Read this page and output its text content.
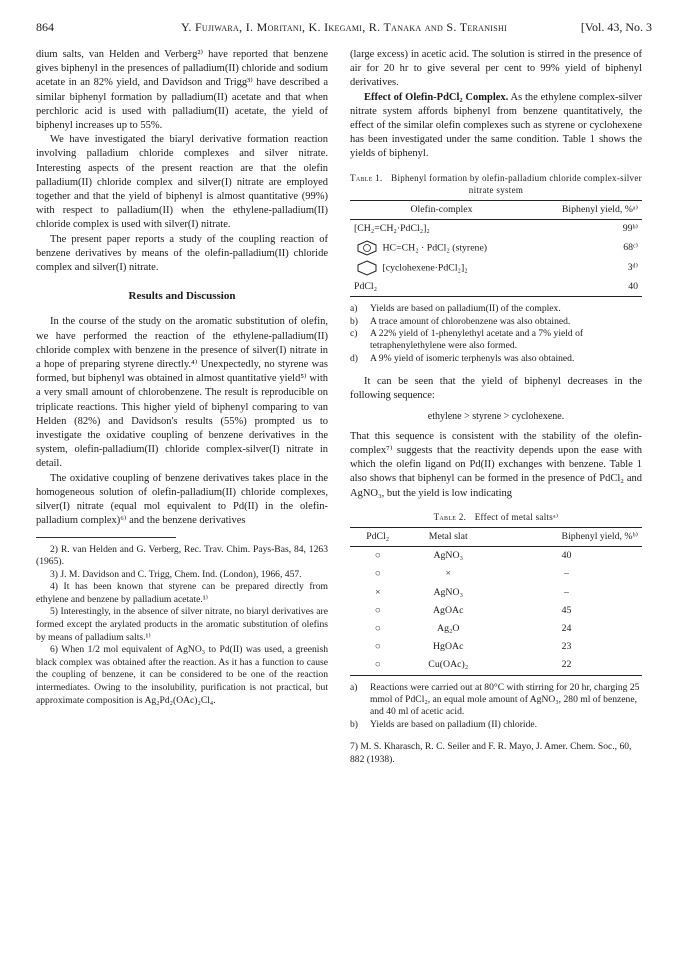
864	Y. Fujiwara, I. Moritani, K. Ikegami, R. Tanaka and S. Teranishi	[Vol. 43, No. 3

dium salts, van Helden and Verberg²⁾ have reported that benzene gives biphenyl in the presences of palladium(II) chloride and sodium acetate in an 82% yield, and Davidson and Trigg³⁾ have described a similar biphenyl formation by palladium(II) acetate and that when perchloric acid is used with palladium(II) acetate, the yield of biphenyl increases up to 55%.

We have investigated the biaryl derivative formation reaction involving palladium chloride complexes and silver nitrate. Interesting aspects of the present reaction are that the olefin palladium(II) chloride complex and silver(I) nitrate are employed together and that the yield of biphenyl is almost quantitative (99%) with respect to palladium(II) when the ethylene-palladium(II) chloride complex is used with silver(I) nitrate.

The present paper reports a study of the coupling reaction of benzene derivatives by means of the olefin-palladium(II) chloride complex and silver(I) nitrate.

Results and Discussion

In the course of the study on the aromatic substitution of olefin, we have performed the reaction of the ethylene-palladium(II) chloride complex with benzene in the presence of silver(I) nitrate in a hope of preparing styrene directly.⁴⁾ Unexpectedly, no styrene was formed, but biphenyl was obtained in almost quantitative yield⁵⁾ with a very small amount of chlorobenzene. The result is reproducible on triplicate reactions. This higher yield of biphenyl comparing to van Helden (82%) and Davidson's results (55%) prompted us to investigate the oxidative coupling of benzene derivatives in the system, olefin-palladium(II) chloride complex-silver(I) nitrate in detail.

The oxidative coupling of benzene derivatives takes place in the homogeneous solution of olefin-palladium(II) chloride complexes, silver(I) nitrate (equal mol equivalent to Pd(II) in the olefin-palladium complex)⁶⁾ and the benzene derivatives

2) R. van Helden and G. Verberg, Rec. Trav. Chim. Pays-Bas, 84, 1263 (1965).

3) J. M. Davidson and C. Trigg, Chem. Ind. (London), 1966, 457.

4) It has been known that styrene can be prepared directly from ethylene and benzene by palladium acetate.¹⁾

5) Interestingly, in the absence of silver nitrate, no biaryl derivatives are formed except the arylated products in the aromatic substitution of olefins by means of palladium salts.¹⁾

6) When 1/2 mol equivalent of AgNO₃ to Pd(II) was used, a greenish black complex was obtained after the reaction. As it has a function to cause the coupling of benzene, it can be considered to be one of the reaction intermediates. Owing to the insolubility, purification is not practical, but approximate composition is Ag₂Pd₂(OAc)₂Cl₄.

(large excess) in acetic acid. The solution is stirred in the presence of air for 20 hr to give several per cent to 99% yield of biphenyl derivatives.

Effect of Olefin-PdCl₂ Complex. As the ethylene complex-silver nitrate system affords biphenyl from benzene quantitatively, the effect of the similar olefin complexes such as styrene or cyclohexene has been investigated under the same condition. Table 1 shows the yields of biphenyl.

Table 1. Biphenyl formation by olefin-palladium chloride complex-silver nitrate system
Olefin-complex	Biphenyl yield, %ᵃ⁾
[CH₂=CH₂·PdCl₂]₂	99ᵇ⁾
HC=CH₂ · PdCl₂ (styrene)	68ᶜ⁾
[cyclohexene·PdCl₂]₂	3ᵈ⁾
PdCl₂	40
a)	Yields are based on palladium(II) of the complex.
b)	A trace amount of chlorobenzene was also obtained.
c)	A 22% yield of 1-phenylethyl acetate and a 7% yield of tetraphenylethylene were also formed.
d)	A 9% yield of isomeric terphenyls was also obtained.

It can be seen that the yield of biphenyl decreases in the following sequence:

ethylene > styrene > cyclohexene.

That this sequence is consistent with the stability of the olefin-complex⁷⁾ suggests that the reactivity depends upon the ease with which the olefin ligand on Pd(II) exchanges with benzene. Table 1 also shows that biphenyl can be formed in the presence of PdCl₂ and AgNO₃, but the yield is low indicating

Table 2. Effect of metal saltsᵃ⁾
PdCl₂	Metal slat	Biphenyl yield, %ᵇ⁾
○	AgNO₃	40
○	×	–
×	AgNO₃	–
○	AgOAc	45
○	Ag₂O	24
○	HgOAc	23
○	Cu(OAc)₂	22
a)	Reactions were carried out at 80°C with stirring for 20 hr, charging 25 mmol of PdCl₂, an equal mole amount of AgNO₃, 280 ml of benzene, and 40 ml of acetic acid.
b)	Yields are based on palladium (II) chloride.
7) M. S. Kharasch, R. C. Seiler and F. R. Mayo, J. Amer. Chem. Soc., 60, 882 (1938).
